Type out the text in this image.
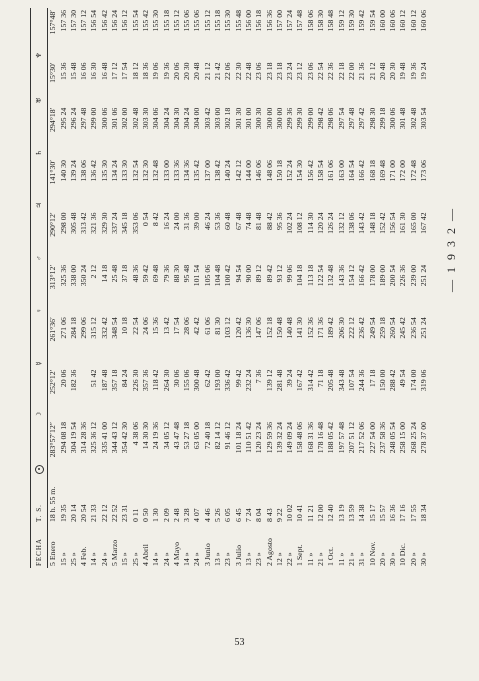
— 1 9 3 2 —
FECHA	T. S.		☽	☿	♀	♂	♃	♄	♅	♆
5 Enero	18 h. 55 m.	283°57′12″	252°12′	261°36′	313°12′	290°12′	141°30′	294°18′	15°30′	157°48′
15 »	19 35	294 08 18	20 06	271 06	325 36	298 00	140 30	295 24	15 36	157 36
25 »	20 14	304 19 54	182 36	284 18	338 00	305 48	139 24	296 24	15 48	157 30
4 Feb.	20 54	314 28 36		299 06	350 24	313 42	138 06	297 48	16 06	157 12
14 »	21 33	325 36 12	51 42	315 12	2 12	321 36	136 42	299 00	16 30	156 54
24 »	22 12	335 41 00	187 48	332 42	14 18	329 30	135 30	300 06	16 48	156 42
5 Marzo	22 52	344 43 12	357 18	348 54	25 48	337 24	134 24	301 06	17 12	156 24
15 »	23 31	354 42 30	84 24	10 18	37 18	345 18	133 30	302 00	17 54	156 12
25 »	0 11	4 38 06	226 30	22 54	48 36	353 06	132 54	302 48	18 12	155 54
4 Abril	0 50	14 30 30	357 36	24 06	59 42	0 54	132 30	303 30	18 36	155 42
14 »	1 30	24 19 36	118 42	15 36	69 48	8 42	132 48	304 06	19 06	155 30
24 »	2 09	34 05 12	264 30	13 42	79 36	16 24	133 00	304 24	19 36	155 18
4 Mayo	2 48	43 47 48	30 06	17 54	88 30	24 00	133 36	304 30	20 06	155 12
14 »	3 28	53 27 18	155 06	28 06	95 48	31 36	134 36	304 24	20 30	155 06
24 »	4 07	63 05 00	300 48	42 42	101 54	39 00	135 42	304 00	20 48	155 06
3 Junio	4 46	72 40 18	62 42	61 06	105 06	46 24	137 00	303 42	21 12	155 12
13 »	5 26	82 14 12	193 00	81 30	104 48	53 36	138 42	303 00	21 42	155 18
23 »	6 05	91 46 12	336 42	103 12	100 42	60 48	140 24	302 18	22 06	155 30
3 Julio	6 45	101 18 24	99 42	120 42	94 54	67 48	142 12	301 30	22 30	155 48
13 »	7 24	110 51 42	232 24	136 30	90 00	74 48	144 00	301 00	22 48	156 00
23 »	8 04	120 23 24	7 36	147 06	89 12	81 48	146 06	300 30	23 06	156 18
2 Agosto	8 43	129 59 36	139 12	152 18	89 42	88 42	148 06	300 00	23 18	156 36
12 »	9 22	139 32 24	281 48	150 48	93 12	95 36	150 18	300 00	23 18	157 00
22 »	10 02	149 09 24	39 24	140 48	99 06	102 24	152 24	299 36	23 24	157 24
1 Sept.	10 41	158 48 06	167 42	141 30	104 18	108 12	154 30	299 30	23 12	157 48
11 »	11 21	168 31 36	314 42	152 36	113 18	114 30	156 42	299 00	23 06	158 06
21 »	12 00	178 16 48	71 18	171 36	122 54	120 24	158 54	298 42	22 54	158 30
1 Oct.	12 40	188 05 42	205 48	189 42	132 48	126 24	161 06	298 06	22 36	158 48
11 »	13 19	197 57 48	343 48	206 30	143 36	132 12	163 00	297 54	22 18	159 12
21 »	13 59	207 51 12	107 54	222 12	154 12	138 06	164 54	297 48	22 00	159 30
31 »	14 38	217 52 06	244 36	236 42	166 42	143 42	166 42	297 42	21 36	159 42
10 Nov.	15 17	227 54 00	17 18	249 54	178 00	148 18	168 18	298 30	21 12	159 54
20 »	15 57	237 58 36	150 00	259 18	189 00	152 42	169 48	299 18	20 48	160 00
30 »	16 36	248 05 54	288 42	260 54	200 54	156 54	171 00	300 06	20 30	160 06
10 Dic.	17 16	258 15 00	49 54	245 42	226 36	161 30	172 00	301 48	19 48	160 12
20 »	17 55	268 25 24	174 00	236 54	239 00	165 00	172 48	302 48	19 36	160 12
30 »	18 34	278 37 00	319 06	251 24	251 24	167 42	173 06	303 54	19 24	160 06
53
